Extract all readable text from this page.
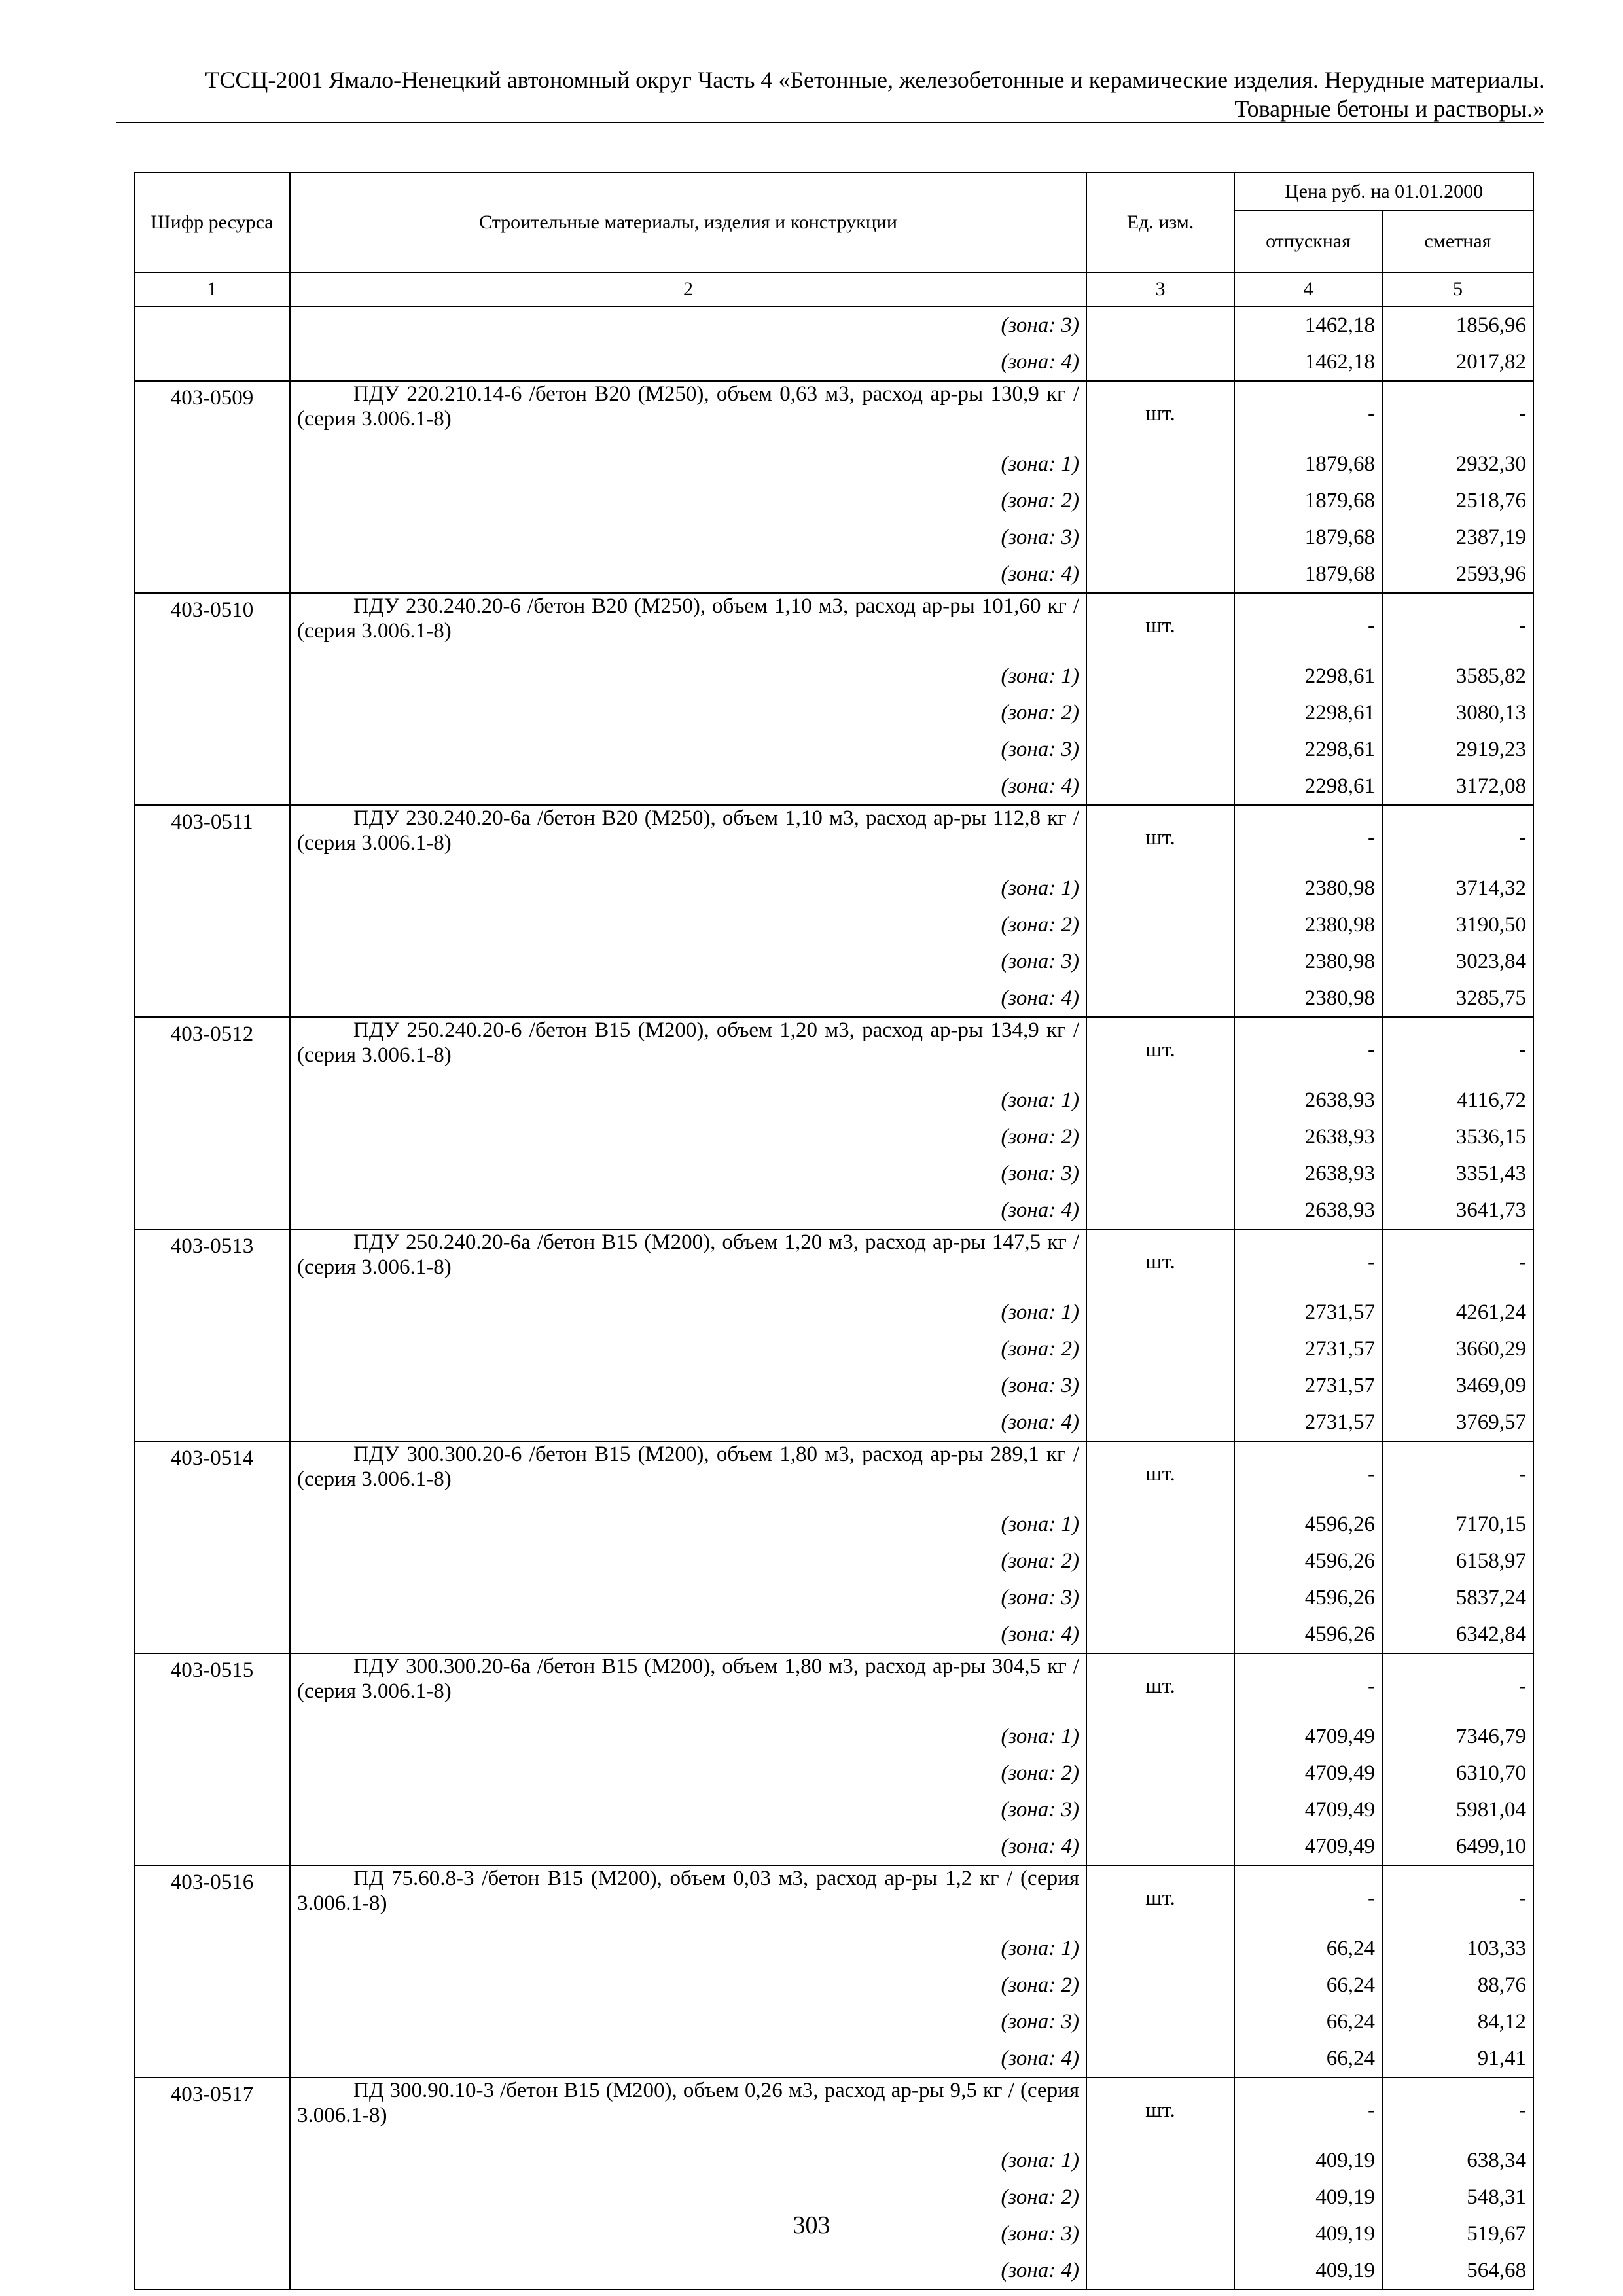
ТССЦ-2001 Ямало-Ненецкий автономный округ Часть 4 «Бетонные, железобетонные и керамические изделия. Нерудные материалы.
Товарные бетоны и растворы.»
Шифр ресурса	Строительные материалы, изделия и конструкции	Ед. изм.	Цена руб. на 01.01.2000	
			отпускная	сметная
1	2	3	4	5
	(зона: 3)		1462,18	1856,96
	(зона: 4)		1462,18	2017,82
403-0509	ПДУ 220.210.14-6 /бетон В20 (М250), объем 0,63 м3, расход ар-ры 130,9 кг / (серия 3.006.1-8)	шт.	-	-
	(зона: 1)		1879,68	2932,30
	(зона: 2)		1879,68	2518,76
	(зона: 3)		1879,68	2387,19
	(зона: 4)		1879,68	2593,96
403-0510	ПДУ 230.240.20-6 /бетон В20 (М250), объем 1,10 м3, расход ар-ры 101,60 кг / (серия 3.006.1-8)	шт.	-	-
	(зона: 1)		2298,61	3585,82
	(зона: 2)		2298,61	3080,13
	(зона: 3)		2298,61	2919,23
	(зона: 4)		2298,61	3172,08
403-0511	ПДУ 230.240.20-6а /бетон В20 (М250), объем 1,10 м3, расход ар-ры 112,8 кг / (серия 3.006.1-8)	шт.	-	-
	(зона: 1)		2380,98	3714,32
	(зона: 2)		2380,98	3190,50
	(зона: 3)		2380,98	3023,84
	(зона: 4)		2380,98	3285,75
403-0512	ПДУ 250.240.20-6 /бетон В15 (М200), объем 1,20 м3, расход ар-ры 134,9 кг / (серия 3.006.1-8)	шт.	-	-
	(зона: 1)		2638,93	4116,72
	(зона: 2)		2638,93	3536,15
	(зона: 3)		2638,93	3351,43
	(зона: 4)		2638,93	3641,73
403-0513	ПДУ 250.240.20-6а /бетон В15 (М200), объем 1,20 м3, расход ар-ры 147,5 кг / (серия 3.006.1-8)	шт.	-	-
	(зона: 1)		2731,57	4261,24
	(зона: 2)		2731,57	3660,29
	(зона: 3)		2731,57	3469,09
	(зона: 4)		2731,57	3769,57
403-0514	ПДУ 300.300.20-6 /бетон В15 (М200), объем 1,80 м3, расход ар-ры 289,1 кг / (серия 3.006.1-8)	шт.	-	-
	(зона: 1)		4596,26	7170,15
	(зона: 2)		4596,26	6158,97
	(зона: 3)		4596,26	5837,24
	(зона: 4)		4596,26	6342,84
403-0515	ПДУ 300.300.20-6а /бетон В15 (М200), объем 1,80 м3, расход ар-ры 304,5 кг / (серия 3.006.1-8)	шт.	-	-
	(зона: 1)		4709,49	7346,79
	(зона: 2)		4709,49	6310,70
	(зона: 3)		4709,49	5981,04
	(зона: 4)		4709,49	6499,10
403-0516	ПД 75.60.8-3 /бетон В15 (М200), объем 0,03 м3, расход ар-ры 1,2 кг / (серия 3.006.1-8)	шт.	-	-
	(зона: 1)		66,24	103,33
	(зона: 2)		66,24	88,76
	(зона: 3)		66,24	84,12
	(зона: 4)		66,24	91,41
403-0517	ПД 300.90.10-3 /бетон В15 (М200), объем 0,26 м3, расход ар-ры 9,5 кг / (серия 3.006.1-8)	шт.	-	-
	(зона: 1)		409,19	638,34
	(зона: 2)		409,19	548,31
	(зона: 3)		409,19	519,67
	(зона: 4)		409,19	564,68
303
